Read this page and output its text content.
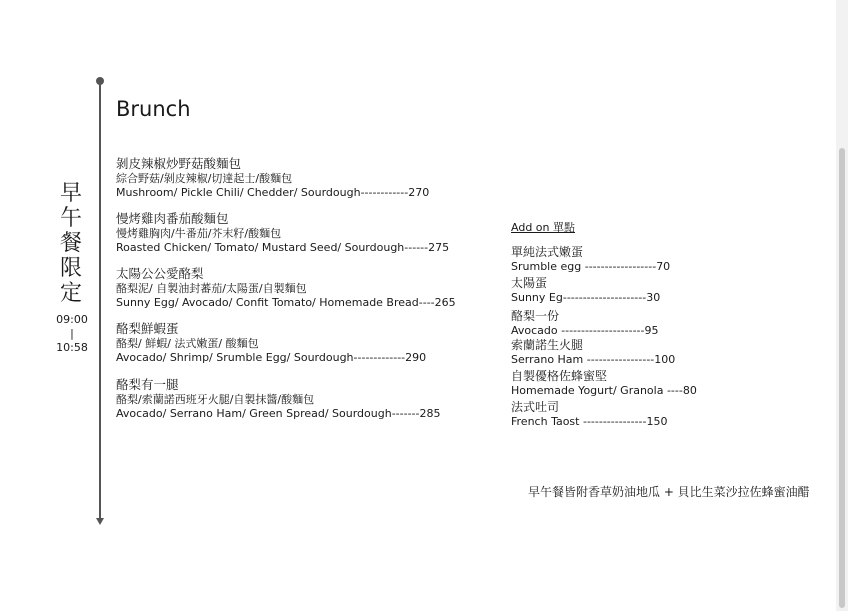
早
午
餐
限
定
09:00
|
10:58
Brunch
剝皮辣椒炒野菇酸麵包
綜合野菇/剝皮辣椒/切達起士/酸麵包
Mushroom/ Pickle Chili/ Chedder/ Sourdough------------270
慢烤雞肉番茄酸麵包
慢烤雞胸肉/牛番茄/芥末籽/酸麵包
Roasted Chicken/ Tomato/ Mustard Seed/ Sourdough------275
太陽公公愛酪梨
酪梨泥/ 自製油封蕃茄/太陽蛋/自製麵包
Sunny Egg/ Avocado/ Confit Tomato/ Homemade Bread----265
酪梨鮮蝦蛋
酪梨/ 鮮蝦/ 法式嫩蛋/ 酸麵包
Avocado/ Shrimp/ Srumble Egg/ Sourdough-------------290
酪梨有一腿
酪梨/索蘭諾西班牙火腿/自製抹醬/酸麵包
Avocado/ Serrano Ham/ Green Spread/ Sourdough-------285
Add on 單點
單純法式嫩蛋
Srumble egg ------------------70
太陽蛋
Sunny Eg---------------------30
酪梨一份
Avocado ---------------------95
索蘭諾生火腿
Serrano Ham -----------------100
自製優格佐蜂蜜堅
Homemade Yogurt/ Granola ----80
法式吐司
French Taost ----------------150
早午餐皆附香草奶油地瓜 + 貝比生菜沙拉佐蜂蜜油醋
